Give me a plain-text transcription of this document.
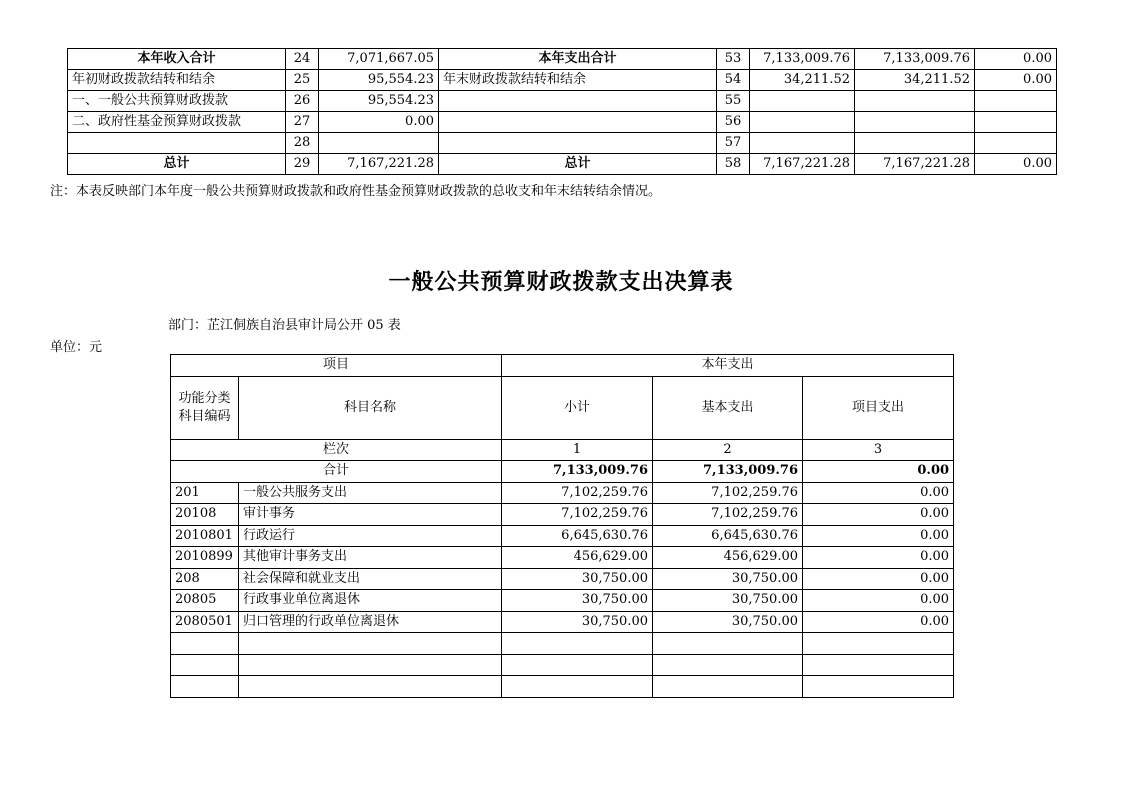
本年收入合计	24	7,071,667.05	本年支出合计	53	7,133,009.76	7,133,009.76	0.00
年初财政拨款结转和结余	25	95,554.23	年末财政拨款结转和结余	54	34,211.52	34,211.52	0.00
一、一般公共预算财政拨款	26	95,554.23		55			
二、政府性基金预算财政拨款	27	0.00		56			
	28			57			
总计	29	7,167,221.28	总计	58	7,167,221.28	7,167,221.28	0.00
注：本表反映部门本年度一般公共预算财政拨款和政府性基金预算财政拨款的总收支和年末结转结余情况。
一般公共预算财政拨款支出决算表
部门：芷江侗族自治县审计局公开 05 表
单位：元
项目		本年支出		
功能分类科目编码	科目名称	小计	基本支出	项目支出
栏次		1	2	3
合计		7,133,009.76	7,133,009.76	0.00
201	一般公共服务支出	7,102,259.76	7,102,259.76	0.00
20108	审计事务	7,102,259.76	7,102,259.76	0.00
2010801	行政运行	6,645,630.76	6,645,630.76	0.00
2010899	其他审计事务支出	456,629.00	456,629.00	0.00
208	社会保障和就业支出	30,750.00	30,750.00	0.00
20805	行政事业单位离退休	30,750.00	30,750.00	0.00
2080501	归口管理的行政单位离退休	30,750.00	30,750.00	0.00
